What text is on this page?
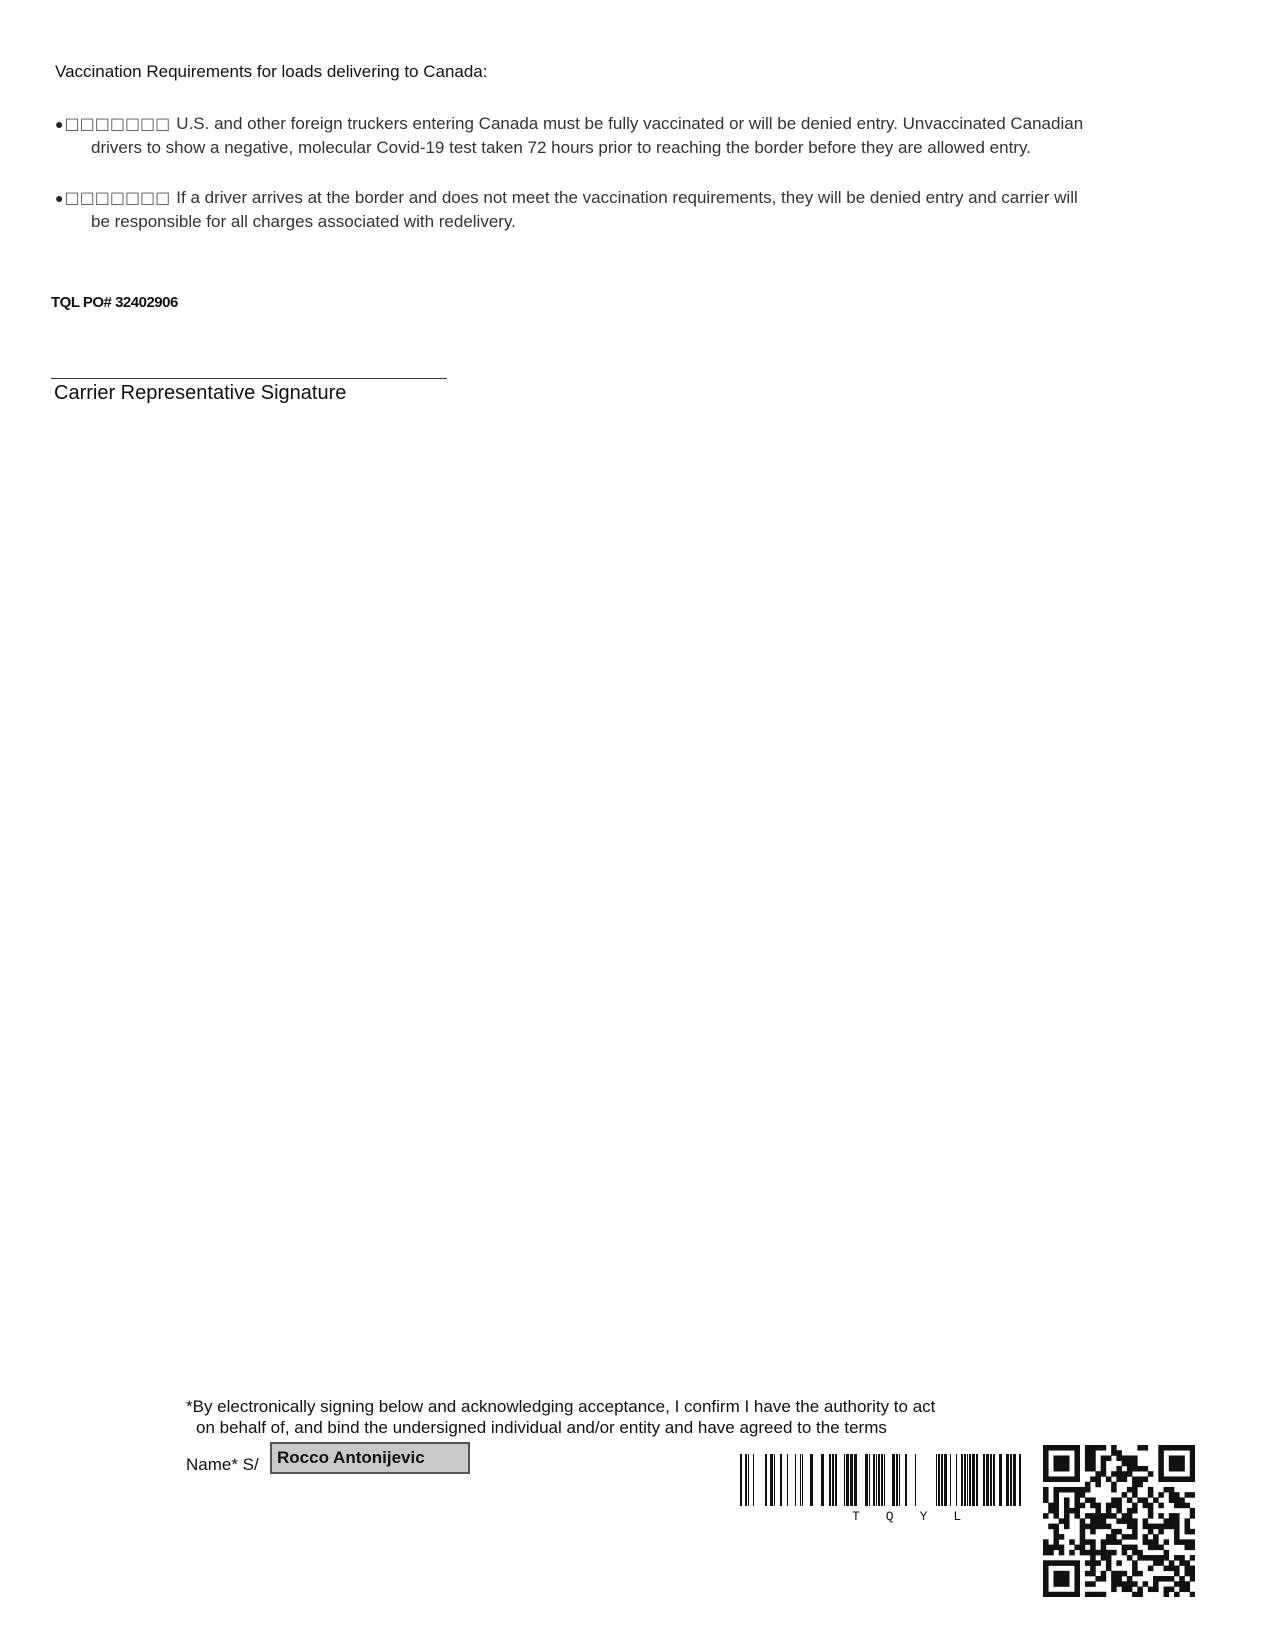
Vaccination Requirements for loads delivering to Canada:
● □□□□□□□ U.S. and other foreign truckers entering Canada must be fully vaccinated or will be denied entry. Unvaccinated Canadian
drivers to show a negative, molecular Covid-19 test taken 72 hours prior to reaching the border before they are allowed entry.
● □□□□□□□ If a driver arrives at the border and does not meet the vaccination requirements, they will be denied entry and carrier will
be responsible for all charges associated with redelivery.
TQL PO# 32402906
Carrier Representative Signature
*By electronically signing below and acknowledging acceptance, I confirm I have the authority to act
on behalf of, and bind the undersigned individual and/or entity and have agreed to the terms
Name* S/	Rocco Antonijevic
TQYL
